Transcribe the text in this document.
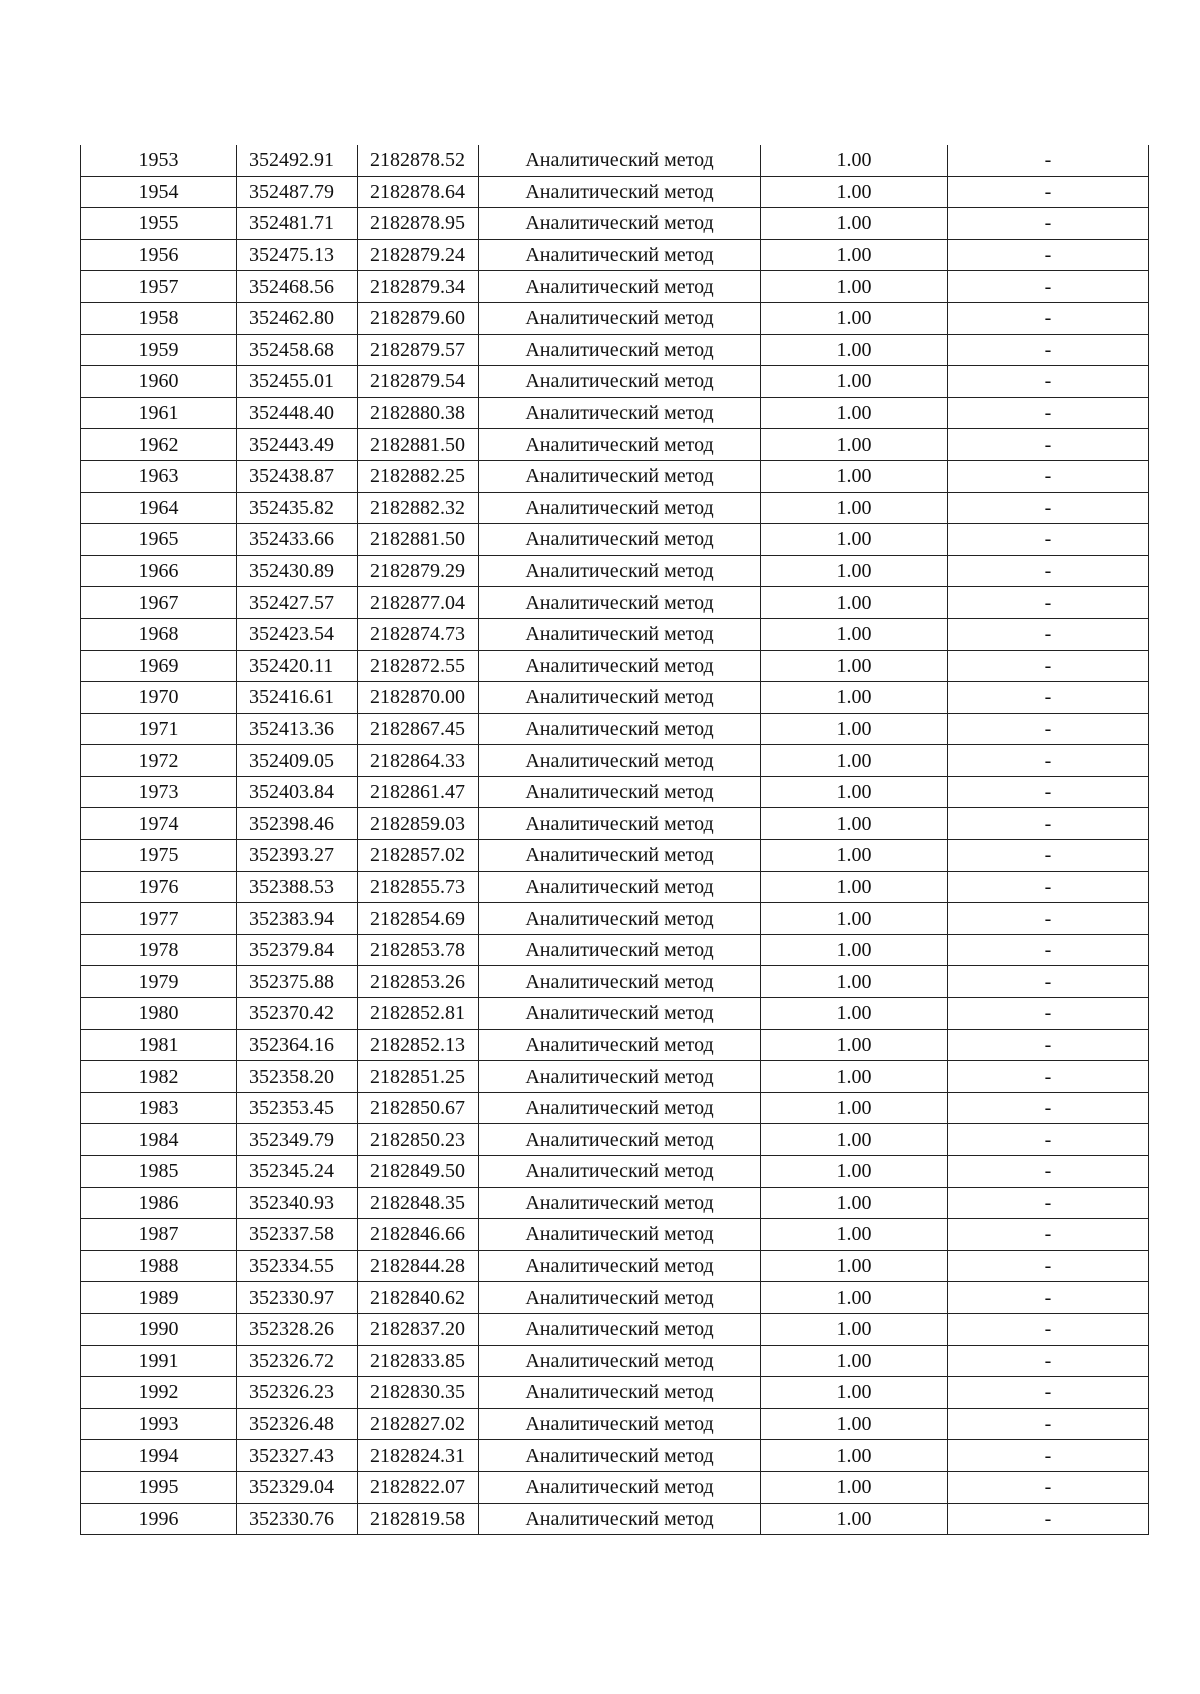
1953	352492.91	2182878.52	Аналитический метод	1.00	-
1954	352487.79	2182878.64	Аналитический метод	1.00	-
1955	352481.71	2182878.95	Аналитический метод	1.00	-
1956	352475.13	2182879.24	Аналитический метод	1.00	-
1957	352468.56	2182879.34	Аналитический метод	1.00	-
1958	352462.80	2182879.60	Аналитический метод	1.00	-
1959	352458.68	2182879.57	Аналитический метод	1.00	-
1960	352455.01	2182879.54	Аналитический метод	1.00	-
1961	352448.40	2182880.38	Аналитический метод	1.00	-
1962	352443.49	2182881.50	Аналитический метод	1.00	-
1963	352438.87	2182882.25	Аналитический метод	1.00	-
1964	352435.82	2182882.32	Аналитический метод	1.00	-
1965	352433.66	2182881.50	Аналитический метод	1.00	-
1966	352430.89	2182879.29	Аналитический метод	1.00	-
1967	352427.57	2182877.04	Аналитический метод	1.00	-
1968	352423.54	2182874.73	Аналитический метод	1.00	-
1969	352420.11	2182872.55	Аналитический метод	1.00	-
1970	352416.61	2182870.00	Аналитический метод	1.00	-
1971	352413.36	2182867.45	Аналитический метод	1.00	-
1972	352409.05	2182864.33	Аналитический метод	1.00	-
1973	352403.84	2182861.47	Аналитический метод	1.00	-
1974	352398.46	2182859.03	Аналитический метод	1.00	-
1975	352393.27	2182857.02	Аналитический метод	1.00	-
1976	352388.53	2182855.73	Аналитический метод	1.00	-
1977	352383.94	2182854.69	Аналитический метод	1.00	-
1978	352379.84	2182853.78	Аналитический метод	1.00	-
1979	352375.88	2182853.26	Аналитический метод	1.00	-
1980	352370.42	2182852.81	Аналитический метод	1.00	-
1981	352364.16	2182852.13	Аналитический метод	1.00	-
1982	352358.20	2182851.25	Аналитический метод	1.00	-
1983	352353.45	2182850.67	Аналитический метод	1.00	-
1984	352349.79	2182850.23	Аналитический метод	1.00	-
1985	352345.24	2182849.50	Аналитический метод	1.00	-
1986	352340.93	2182848.35	Аналитический метод	1.00	-
1987	352337.58	2182846.66	Аналитический метод	1.00	-
1988	352334.55	2182844.28	Аналитический метод	1.00	-
1989	352330.97	2182840.62	Аналитический метод	1.00	-
1990	352328.26	2182837.20	Аналитический метод	1.00	-
1991	352326.72	2182833.85	Аналитический метод	1.00	-
1992	352326.23	2182830.35	Аналитический метод	1.00	-
1993	352326.48	2182827.02	Аналитический метод	1.00	-
1994	352327.43	2182824.31	Аналитический метод	1.00	-
1995	352329.04	2182822.07	Аналитический метод	1.00	-
1996	352330.76	2182819.58	Аналитический метод	1.00	-
